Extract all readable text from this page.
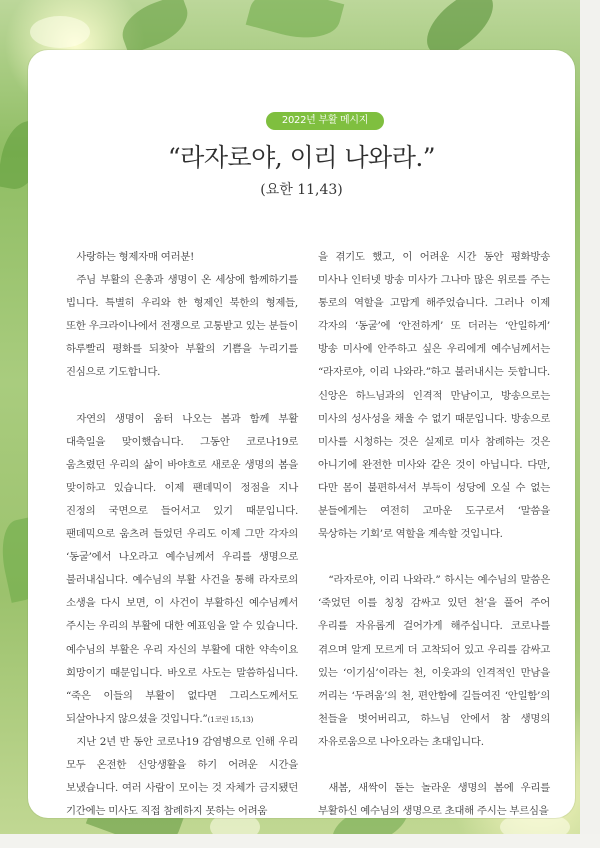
2022년 부활 메시지
“라자로야, 이리 나와라.”
(요한 11,43)

사랑하는 형제자매 여러분!

주님 부활의 은총과 생명이 온 세상에 함께하기를 빕니다. 특별히 우리와 한 형제인 북한의 형제들, 또한 우크라이나에서 전쟁으로 고통받고 있는 분들이 하루빨리 평화를 되찾아 부활의 기쁨을 누리기를 진심으로 기도합니다.

자연의 생명이 움터 나오는 봄과 함께 부활 대축일을 맞이했습니다. 그동안 코로나19로 움츠렸던 우리의 삶이 바야흐로 새로운 생명의 봄을 맞이하고 있습니다. 이제 팬데믹이 정점을 지나 진정의 국면으로 들어서고 있기 때문입니다. 팬데믹으로 움츠려 들었던 우리도 이제 그만 각자의 ‘동굴’에서 나오라고 예수님께서 우리를 생명으로 불러내십니다. 예수님의 부활 사건을 통해 라자로의 소생을 다시 보면, 이 사건이 부활하신 예수님께서 주시는 우리의 부활에 대한 예표임을 알 수 있습니다. 예수님의 부활은 우리 자신의 부활에 대한 약속이요 희망이기 때문입니다. 바오로 사도는 말씀하십니다. “죽은 이들의 부활이 없다면 그리스도께서도 되살아나지 않으셨을 것입니다.”(1코린 15,13)

지난 2년 반 동안 코로나19 감염병으로 인해 우리 모두 온전한 신앙생활을 하기 어려운 시간을 보냈습니다. 여러 사람이 모이는 것 자체가 금지됐던 기간에는 미사도 직접 참례하지 못하는 어려움

을 겪기도 했고, 이 어려운 시간 동안 평화방송 미사나 인터넷 방송 미사가 그나마 많은 위로를 주는 통로의 역할을 고맙게 해주었습니다. 그러나 이제 각자의 ‘동굴’에 ‘안전하게’ 또 더러는 ‘안일하게’ 방송 미사에 안주하고 싶은 우리에게 예수님께서는 “라자로야, 이리 나와라.”하고 불러내시는 듯합니다. 신앙은 하느님과의 인격적 만남이고, 방송으로는 미사의 성사성을 채울 수 없기 때문입니다. 방송으로 미사를 시청하는 것은 실제로 미사 참례하는 것은 아니기에 완전한 미사와 같은 것이 아닙니다. 다만, 다만 몸이 불편하셔서 부득이 성당에 오실 수 없는 분들에게는 여전히 고마운 도구로서 ‘말씀을 묵상하는 기회’로 역할을 계속할 것입니다.

“라자로야, 이리 나와라.” 하시는 예수님의 말씀은 ‘죽었던 이를 칭칭 감싸고 있던 천’을 풀어 주어 우리를 자유롭게 걸어가게 해주십니다. 코로나를 겪으며 알게 모르게 더 고착되어 있고 우리를 감싸고 있는 ‘이기심’이라는 천, 이웃과의 인격적인 만남을 꺼리는 ‘두려움’의 천, 편안함에 길들여진 ‘안일함’의 천들을 벗어버리고, 하느님 안에서 참 생명의 자유로움으로 나아오라는 초대입니다.

새봄, 새싹이 돋는 놀라운 생명의 봄에 우리를 부활하신 예수님의 생명으로 초대해 주시는 부르심을
